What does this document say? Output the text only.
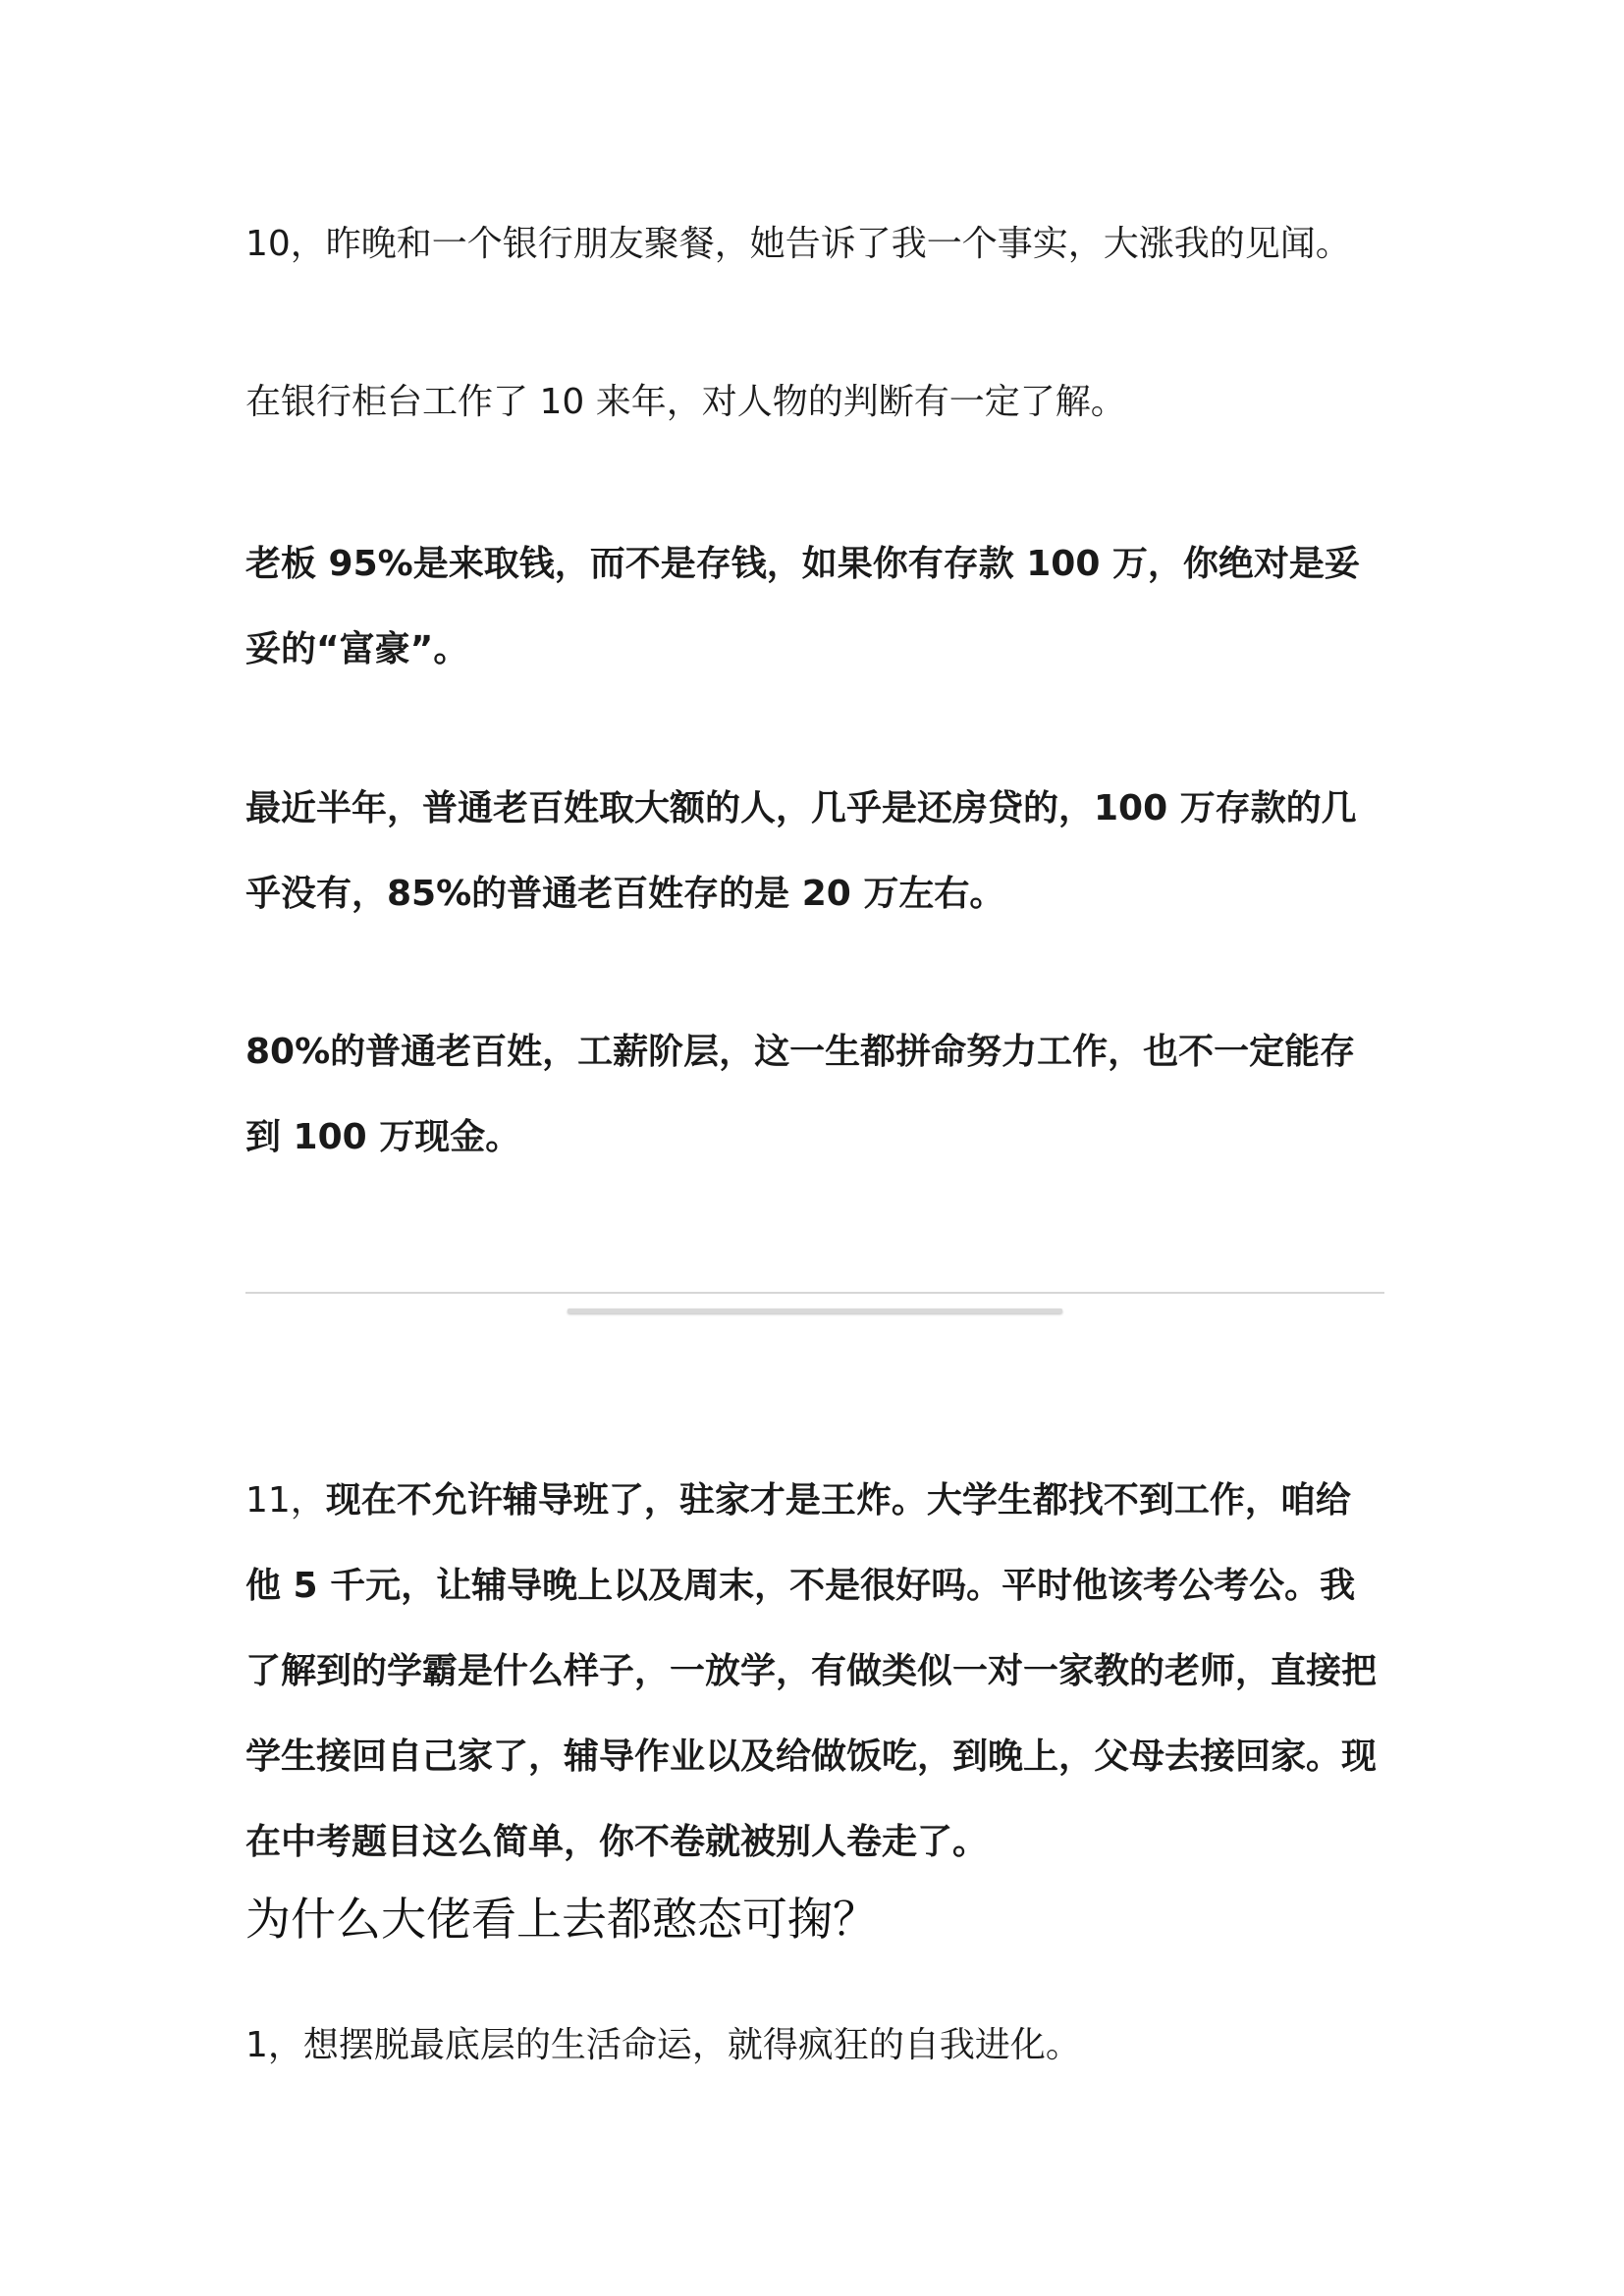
10，昨晚和一个银行朋友聚餐，她告诉了我一个事实，大涨我的见闻。

在银行柜台工作了 10 来年，对人物的判断有一定了解。

老板 95%是来取钱，而不是存钱，如果你有存款 100 万，你绝对是妥妥的“富豪”。

最近半年，普通老百姓取大额的人，几乎是还房贷的，100 万存款的几乎没有，85%的普通老百姓存的是 20 万左右。

80%的普通老百姓，工薪阶层，这一生都拼命努力工作，也不一定能存到 100 万现金。

11，现在不允许辅导班了，驻家才是王炸。大学生都找不到工作，咱给他 5 千元，让辅导晚上以及周末，不是很好吗。平时他该考公考公。我了解到的学霸是什么样子，一放学，有做类似一对一家教的老师，直接把学生接回自己家了，辅导作业以及给做饭吃，到晚上，父母去接回家。现在中考题目这么简单，你不卷就被别人卷走了。

为什么大佬看上去都憨态可掬？

1，想摆脱最底层的生活命运，就得疯狂的自我进化。
